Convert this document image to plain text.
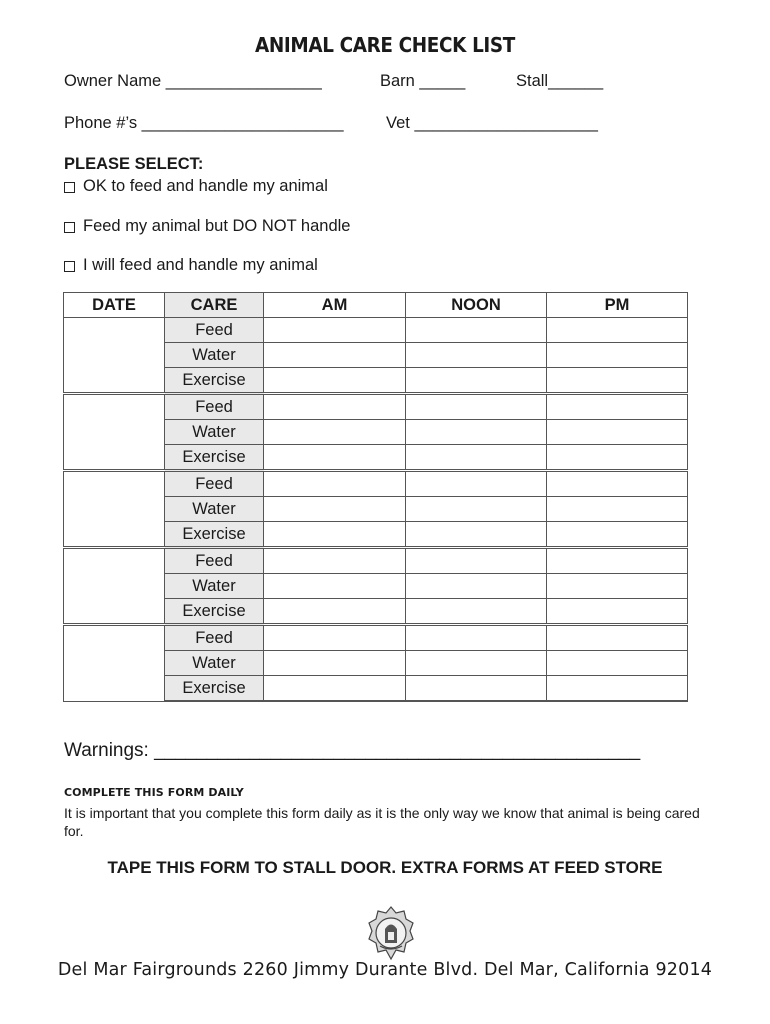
ANIMAL CARE CHECK LIST
Owner Name _________________	Barn _____	Stall______
Phone #’s ______________________	Vet ____________________
PLEASE SELECT:
OK to feed and handle my animal
Feed my animal but DO NOT handle
I will feed and handle my animal
DATE	CARE	AM	NOON	PM
	Feed			
	Water			
	Exercise			
	Feed			
	Water			
	Exercise			
	Feed			
	Water			
	Exercise			
	Feed			
	Water			
	Exercise			
	Feed			
	Water			
	Exercise			
Warnings: ______________________________________________
COMPLETE THIS FORM DAILY
It is important that you complete this form daily as it is the only way we know that animal is being cared for.
TAPE THIS FORM TO STALL DOOR. EXTRA FORMS AT FEED STORE
Del Mar Fairgrounds 2260 Jimmy Durante Blvd. Del Mar, California 92014
